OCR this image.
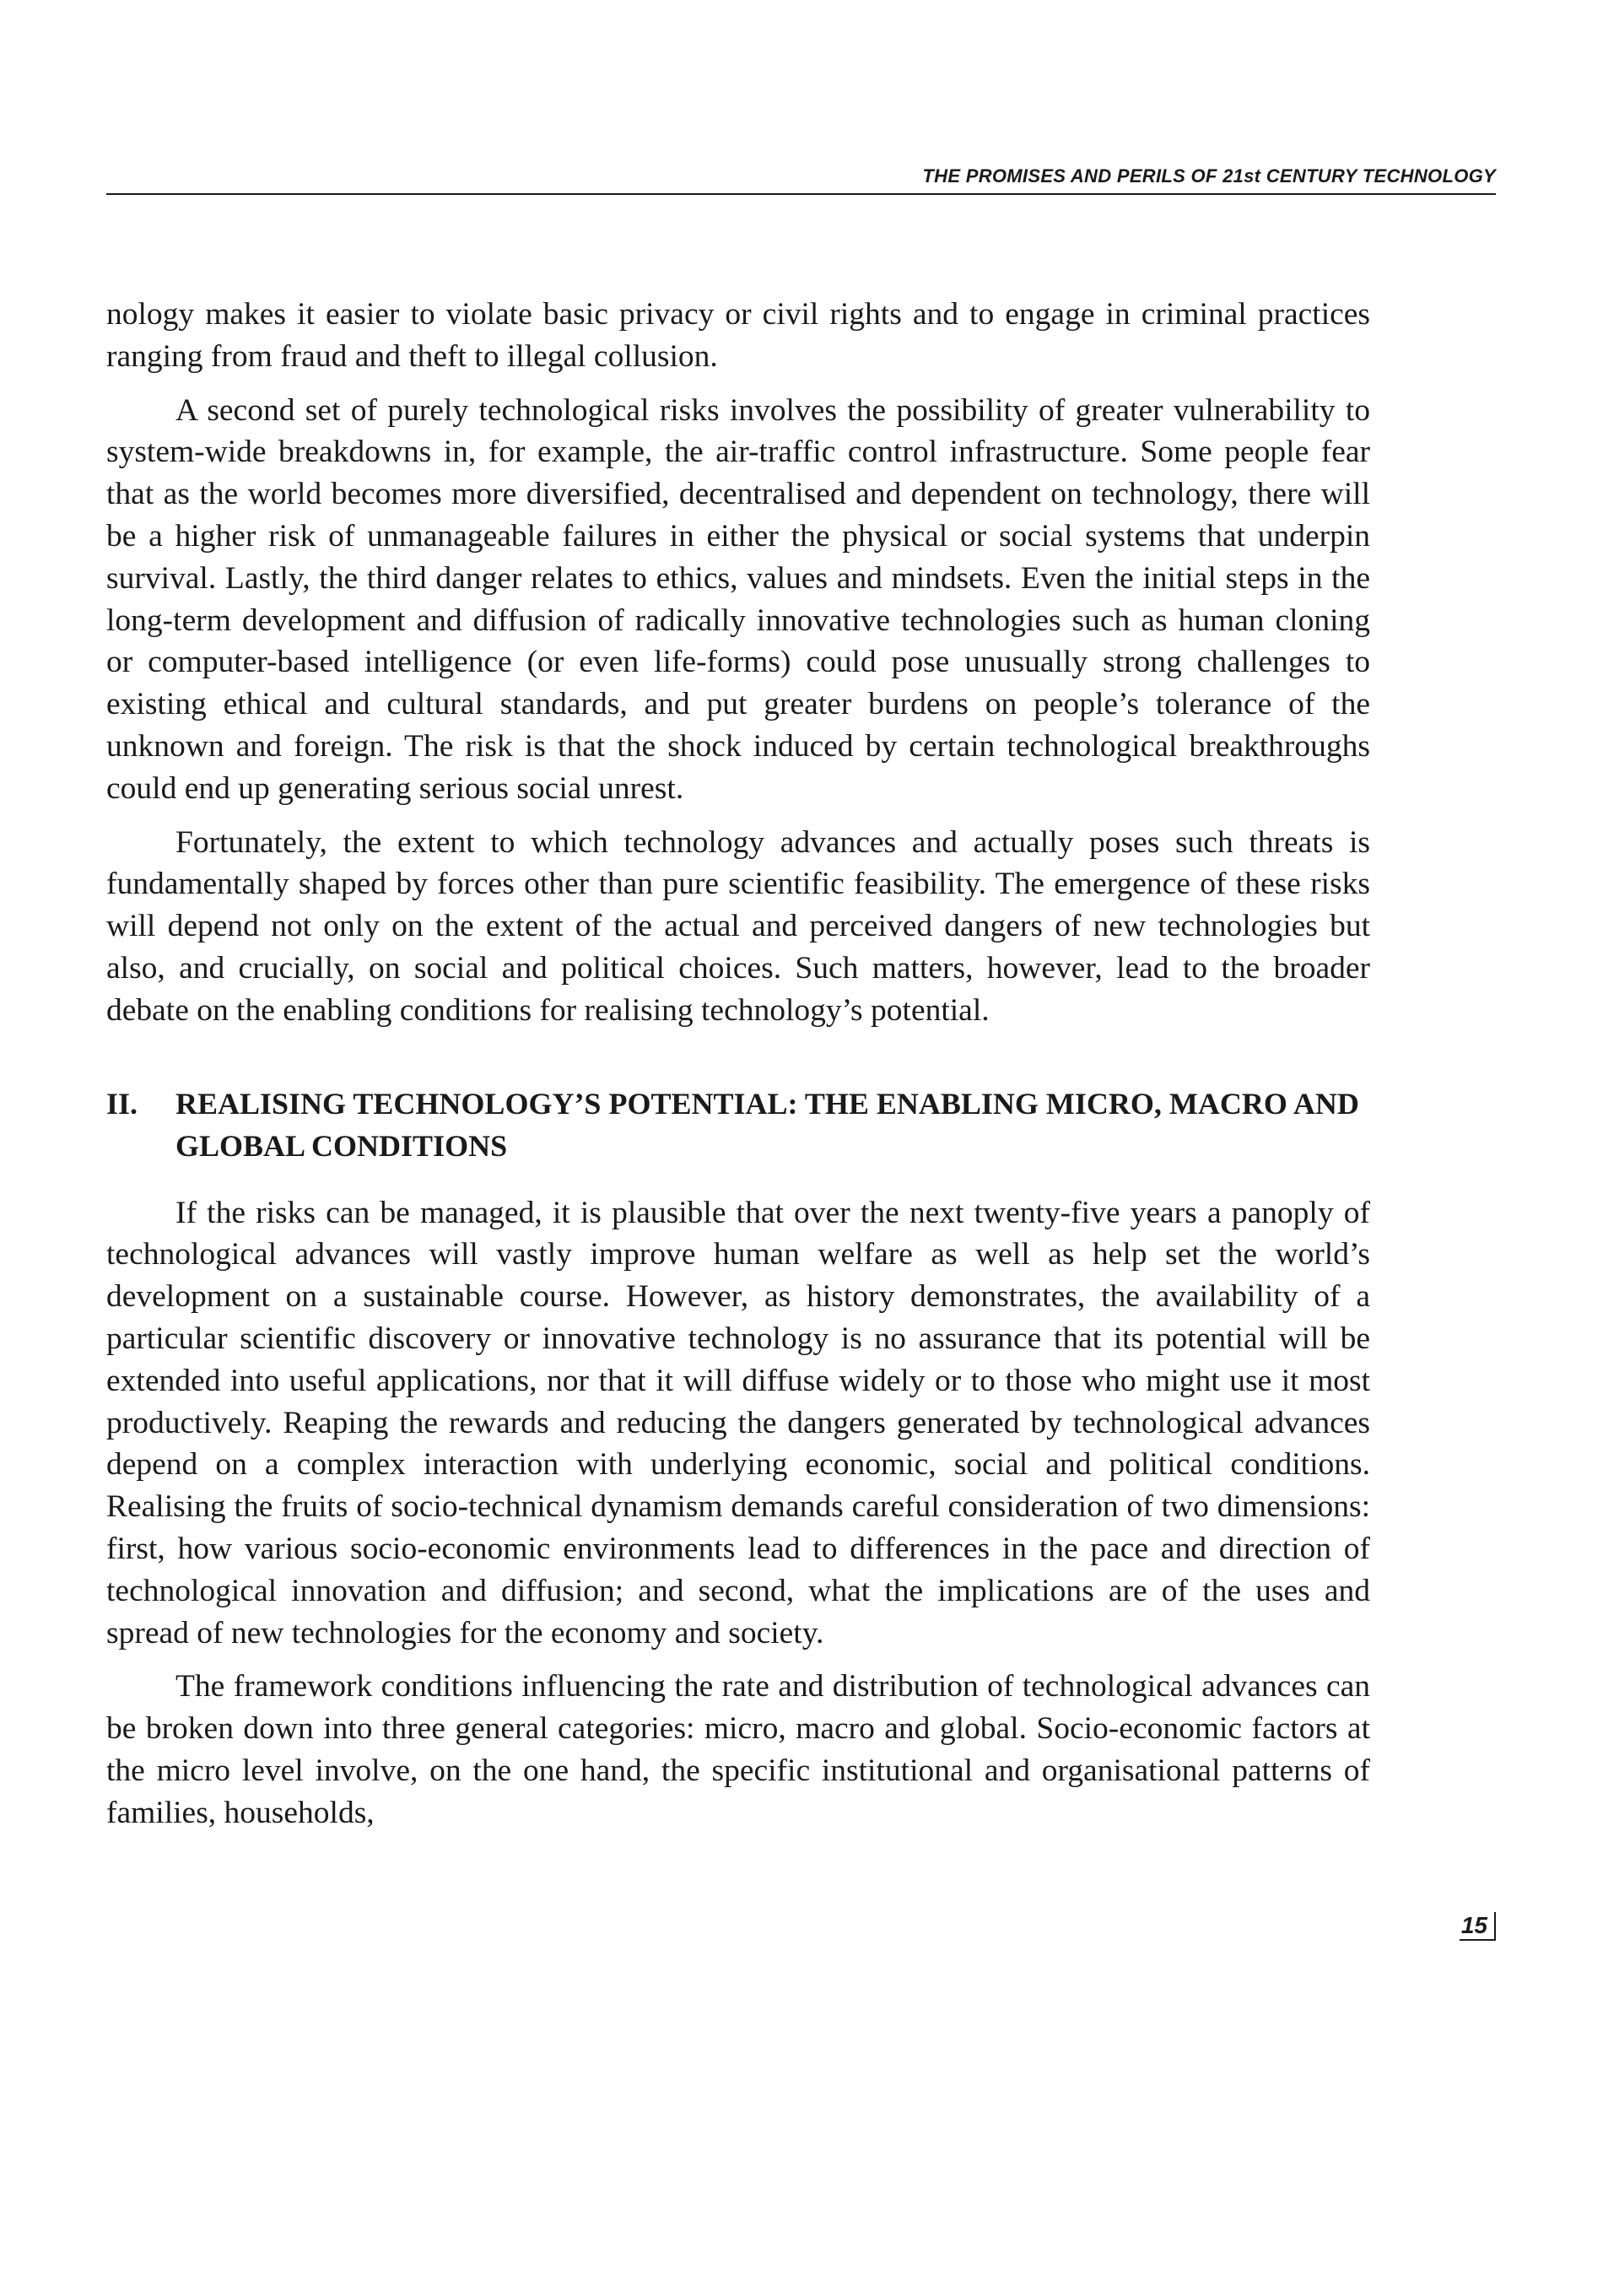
THE PROMISES AND PERILS OF 21st CENTURY TECHNOLOGY

nology makes it easier to violate basic privacy or civil rights and to engage in criminal practices ranging from fraud and theft to illegal collusion.

A second set of purely technological risks involves the possibility of greater vulnerability to system-wide breakdowns in, for example, the air-traffic control infrastructure. Some people fear that as the world becomes more diversified, decentralised and dependent on technology, there will be a higher risk of unmanageable failures in either the physical or social systems that underpin survival. Lastly, the third danger relates to ethics, values and mindsets. Even the initial steps in the long-term development and diffusion of radically innovative technologies such as human cloning or computer-based intelligence (or even life-forms) could pose unusually strong challenges to existing ethical and cultural standards, and put greater burdens on people’s tolerance of the unknown and foreign. The risk is that the shock induced by certain technological breakthroughs could end up generating serious social unrest.

Fortunately, the extent to which technology advances and actually poses such threats is fundamentally shaped by forces other than pure scientific feasibility. The emergence of these risks will depend not only on the extent of the actual and perceived dangers of new technologies but also, and crucially, on social and political choices. Such matters, however, lead to the broader debate on the enabling conditions for realising technology’s potential.

II.	REALISING TECHNOLOGY’S POTENTIAL: THE ENABLING MICRO, MACRO AND GLOBAL CONDITIONS

If the risks can be managed, it is plausible that over the next twenty-five years a panoply of technological advances will vastly improve human welfare as well as help set the world’s development on a sustainable course. However, as history demonstrates, the availability of a particular scientific discovery or innovative technology is no assurance that its potential will be extended into useful applications, nor that it will diffuse widely or to those who might use it most productively. Reaping the rewards and reducing the dangers generated by technological advances depend on a complex interaction with underlying economic, social and political conditions. Realising the fruits of socio-technical dynamism demands careful consideration of two dimensions: first, how various socio-economic environments lead to differences in the pace and direction of technological innovation and diffusion; and second, what the implications are of the uses and spread of new technologies for the economy and society.

The framework conditions influencing the rate and distribution of technological advances can be broken down into three general categories: micro, macro and global. Socio-economic factors at the micro level involve, on the one hand, the specific institutional and organisational patterns of families, households,

15
